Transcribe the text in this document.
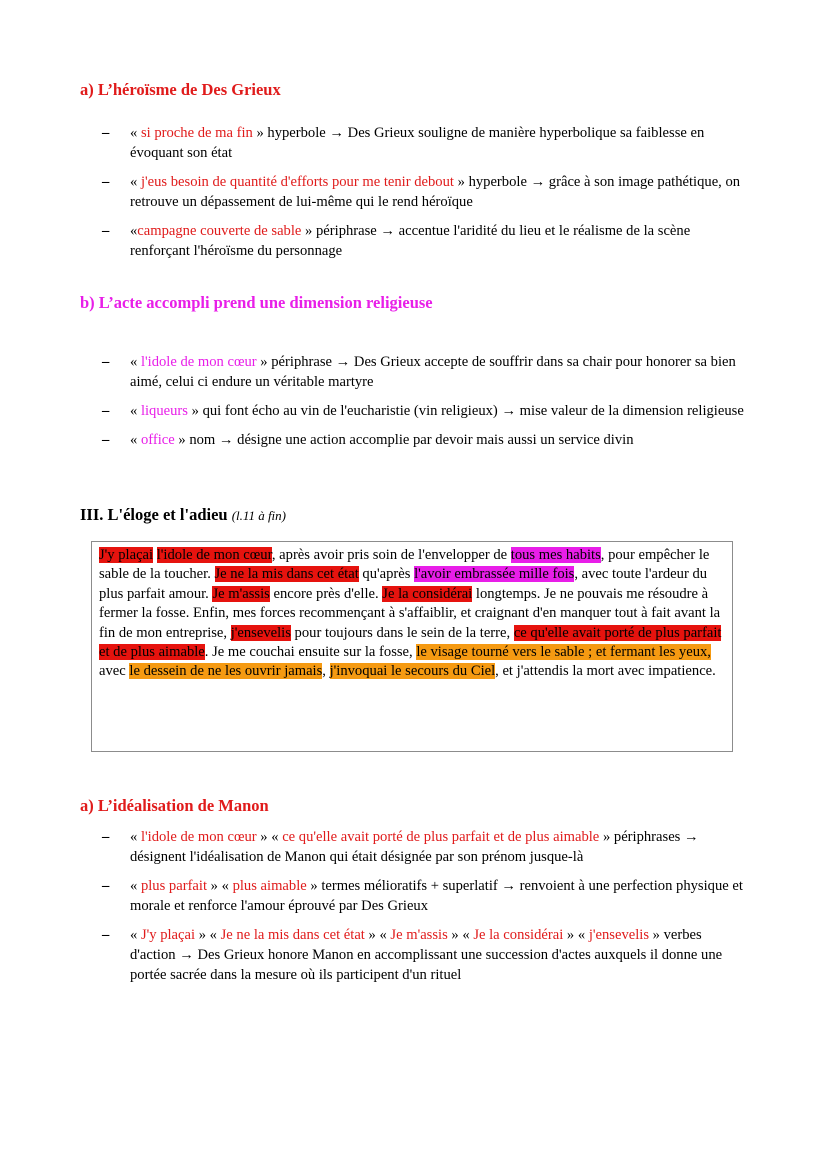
a) L’héroïsme de Des Grieux
– « si proche de ma fin » hyperbole → Des Grieux souligne de manière hyperbolique sa faiblesse en évoquant son état
– « j'eus besoin de quantité d'efforts pour me tenir debout » hyperbole → grâce à son image pathétique, on retrouve un dépassement de lui-même qui le rend héroïque
– «campagne couverte de sable » périphrase → accentue l'aridité du lieu et le réalisme de la scène renforçant l'héroïsme du personnage
b) L’acte accompli prend une dimension religieuse
– « l'idole de mon cœur » périphrase → Des Grieux accepte de souffrir dans sa chair pour honorer sa bien aimé, celui ci endure un véritable martyre
– « liqueurs » qui font écho au vin de l'eucharistie (vin religieux) → mise valeur de la dimension religieuse
– « office » nom → désigne une action accomplie par devoir mais aussi un service divin
III. L'éloge et l'adieu (l.11 à fin)
J'y plaçai l'idole de mon cœur, après avoir pris soin de l'envelopper de tous mes habits, pour empêcher le sable de la toucher. Je ne la mis dans cet état qu'après l'avoir embrassée mille fois, avec toute l'ardeur du plus parfait amour. Je m'assis encore près d'elle. Je la considérai longtemps. Je ne pouvais me résoudre à fermer la fosse. Enfin, mes forces recommençant à s'affaiblir, et craignant d'en manquer tout à fait avant la fin de mon entreprise, j'ensevelis pour toujours dans le sein de la terre, ce qu'elle avait porté de plus parfait et de plus aimable. Je me couchai ensuite sur la fosse, le visage tourné vers le sable ; et fermant les yeux, avec le dessein de ne les ouvrir jamais, j'invoquai le secours du Ciel, et j'attendis la mort avec impatience.
a) L’idéalisation de Manon
– « l'idole de mon cœur » « ce qu'elle avait porté de plus parfait et de plus aimable » périphrases → désignent l'idéalisation de Manon qui était désignée par son prénom jusque-là
– « plus parfait » « plus aimable » termes mélioratifs + superlatif → renvoient à une perfection physique et morale et renforce l'amour éprouvé par Des Grieux
– « J'y plaçai » « Je ne la mis dans cet état » « Je m'assis » « Je la considérai » « j'ensevelis » verbes d'action → Des Grieux honore Manon en accomplissant une succession d'actes auxquels il donne une portée sacrée dans la mesure où ils participent d'un rituel
